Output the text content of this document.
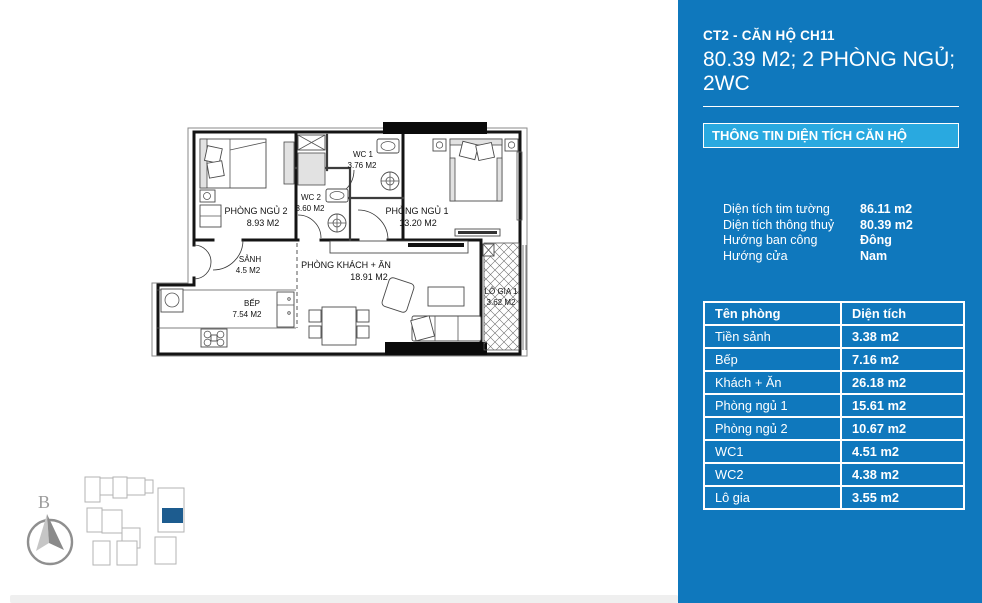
PHÒNG NGỦ 2
8.93 M2
WC 1
3.76 M2
WC 2
3.60 M2	PHÒNG NGỦ 1
13.20 M2
SẢNH
4.5 M2
PHÒNG KHÁCH + ĂN
18.91 M2
BẾP
7.54 M2
LÔ GIA 1
3.62 M2
B
CT2 - CĂN HỘ CH11
80.39 M2; 2 PHÒNG NGỦ; 2WC
THÔNG TIN DIỆN TÍCH CĂN HỘ
Diện tích tim tường	86.11 m2
Diện tích thông thuỷ	80.39 m2
Hướng ban công	Đông
Hướng cửa	Nam
Tên phòng	Diện tích
Tiền sảnh	3.38 m2
Bếp	7.16 m2
Khách + Ăn	26.18 m2
Phòng ngủ 1	15.61 m2
Phòng ngủ 2	10.67 m2
WC1	4.51 m2
WC2	4.38 m2
Lô gia	3.55 m2
